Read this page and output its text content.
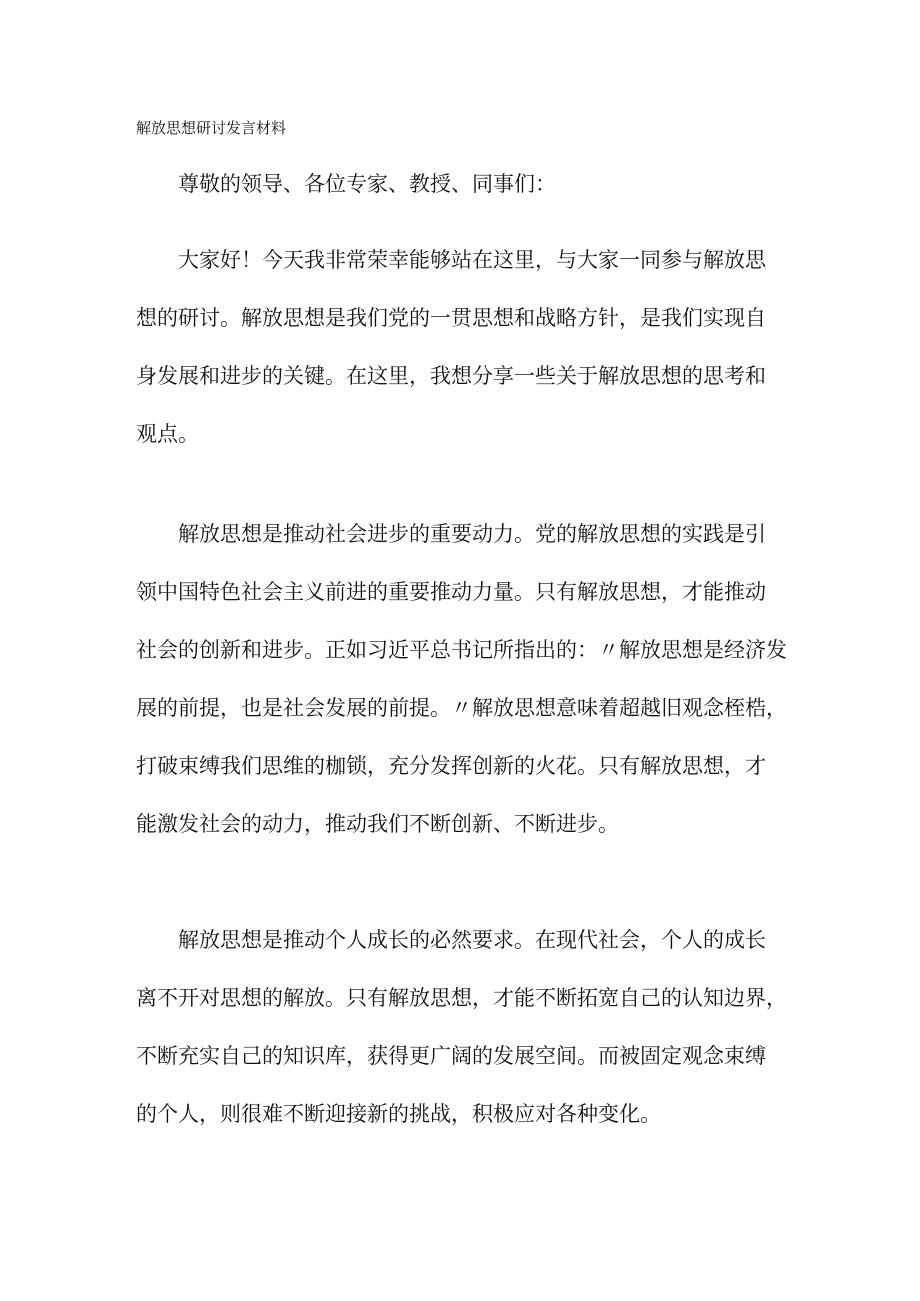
解放思想研讨发言材料
尊敬的领导、各位专家、教授、同事们：
大家好！今天我非常荣幸能够站在这里，与大家一同参与解放思
想的研讨。解放思想是我们党的一贯思想和战略方针，是我们实现自
身发展和进步的关键。在这里，我想分享一些关于解放思想的思考和
观点。
解放思想是推动社会进步的重要动力。党的解放思想的实践是引
领中国特色社会主义前进的重要推动力量。只有解放思想，才能推动
社会的创新和进步。正如习近平总书记所指出的：〃解放思想是经济发
展的前提，也是社会发展的前提。〃解放思想意味着超越旧观念桎梏，
打破束缚我们思维的枷锁，充分发挥创新的火花。只有解放思想，才
能激发社会的动力，推动我们不断创新、不断进步。
解放思想是推动个人成长的必然要求。在现代社会，个人的成长
离不开对思想的解放。只有解放思想，才能不断拓宽自己的认知边界，
不断充实自己的知识库，获得更广阔的发展空间。而被固定观念束缚
的个人，则很难不断迎接新的挑战，积极应对各种变化。
